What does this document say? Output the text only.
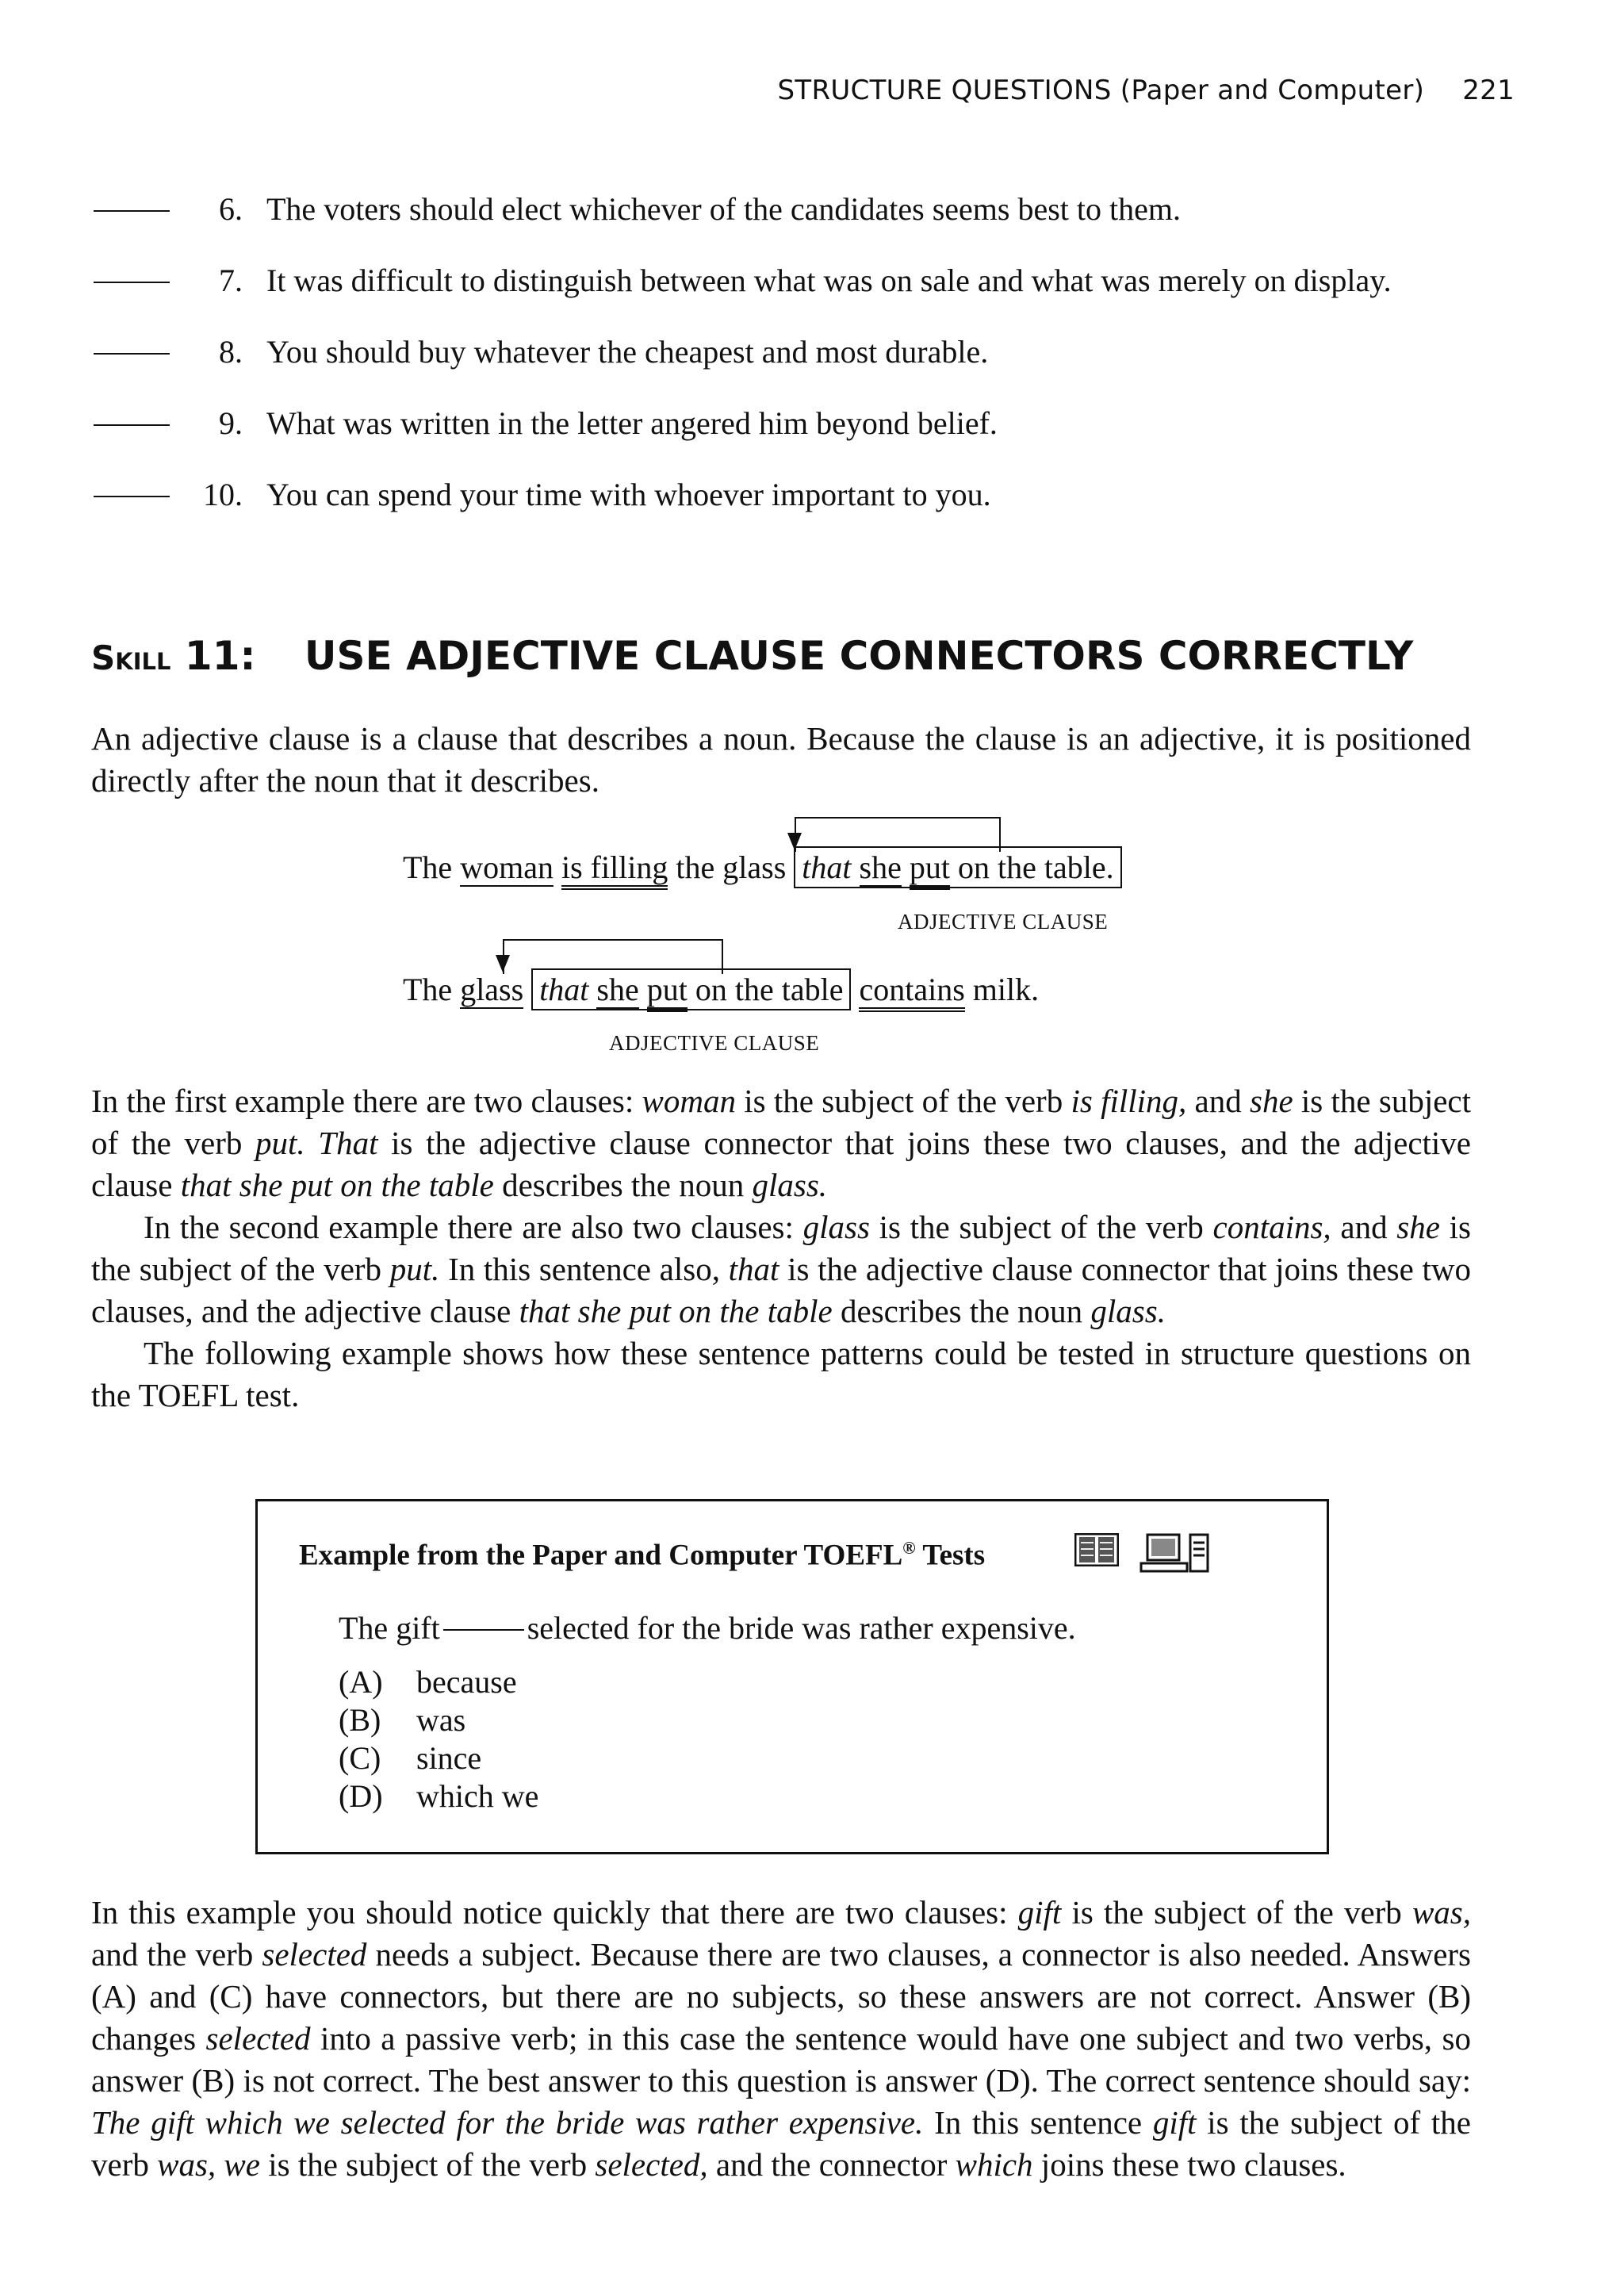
STRUCTURE QUESTIONS (Paper and Computer) 221
6. The voters should elect whichever of the candidates seems best to them.
7. It was difficult to distinguish between what was on sale and what was merely on display.
8. You should buy whatever the cheapest and most durable.
9. What was written in the letter angered him beyond belief.
10. You can spend your time with whoever important to you.
Skill 11: USE ADJECTIVE CLAUSE CONNECTORS CORRECTLY

An adjective clause is a clause that describes a noun. Because the clause is an adjective, it is positioned directly after the noun that it describes.

The woman is filling the glass that she put on the table.
ADJECTIVE CLAUSE
The glass that she put on the table contains milk.
ADJECTIVE CLAUSE

In the first example there are two clauses: woman is the subject of the verb is filling, and she is the subject of the verb put. That is the adjective clause connector that joins these two clauses, and the adjective clause that she put on the table describes the noun glass.

In the second example there are also two clauses: glass is the subject of the verb contains, and she is the subject of the verb put. In this sentence also, that is the adjective clause connector that joins these two clauses, and the adjective clause that she put on the table describes the noun glass.

The following example shows how these sentence patterns could be tested in structure questions on the TOEFL test.

Example from the Paper and Computer TOEFL® Tests
The gift	selected for the bride was rather expensive.
(A) because
(B) was
(C) since
(D) which we

In this example you should notice quickly that there are two clauses: gift is the subject of the verb was, and the verb selected needs a subject. Because there are two clauses, a connector is also needed. Answers (A) and (C) have connectors, but there are no subjects, so these answers are not correct. Answer (B) changes selected into a passive verb; in this case the sentence would have one subject and two verbs, so answer (B) is not correct. The best answer to this question is answer (D). The correct sentence should say: The gift which we selected for the bride was rather expensive. In this sentence gift is the subject of the verb was, we is the subject of the verb selected, and the connector which joins these two clauses.
